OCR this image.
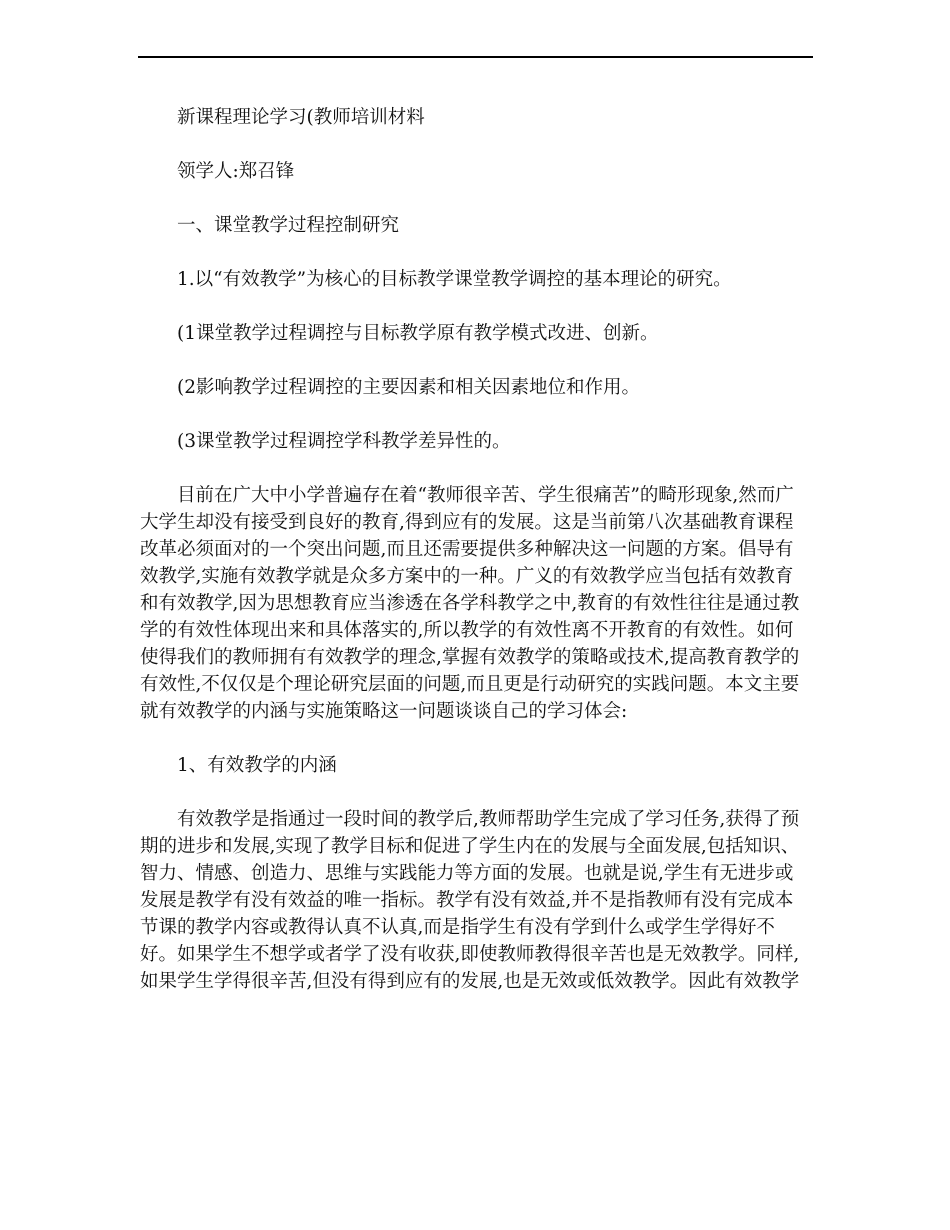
新课程理论学习(教师培训材料

领学人:郑召锋

一、课堂教学过程控制研究

1.以“有效教学”为核心的目标教学课堂教学调控的基本理论的研究。

(1课堂教学过程调控与目标教学原有教学模式改进、创新。

(2影响教学过程调控的主要因素和相关因素地位和作用。

(3课堂教学过程调控学科教学差异性的。

目前在广大中小学普遍存在着“教师很辛苦、学生很痛苦”的畸形现象,然而广
大学生却没有接受到良好的教育,得到应有的发展。这是当前第八次基础教育课程
改革必须面对的一个突出问题,而且还需要提供多种解决这一问题的方案。倡导有
效教学,实施有效教学就是众多方案中的一种。广义的有效教学应当包括有效教育
和有效教学,因为思想教育应当渗透在各学科教学之中,教育的有效性往往是通过教
学的有效性体现出来和具体落实的,所以教学的有效性离不开教育的有效性。如何
使得我们的教师拥有有效教学的理念,掌握有效教学的策略或技术,提高教育教学的
有效性,不仅仅是个理论研究层面的问题,而且更是行动研究的实践问题。本文主要
就有效教学的内涵与实施策略这一问题谈谈自己的学习体会:

1、有效教学的内涵

有效教学是指通过一段时间的教学后,教师帮助学生完成了学习任务,获得了预
期的进步和发展,实现了教学目标和促进了学生内在的发展与全面发展,包括知识、
智力、情感、创造力、思维与实践能力等方面的发展。也就是说,学生有无进步或
发展是教学有没有效益的唯一指标。教学有没有效益,并不是指教师有没有完成本
节课的教学内容或教得认真不认真,而是指学生有没有学到什么或学生学得好不
好。如果学生不想学或者学了没有收获,即使教师教得很辛苦也是无效教学。同样,
如果学生学得很辛苦,但没有得到应有的发展,也是无效或低效教学。因此有效教学
